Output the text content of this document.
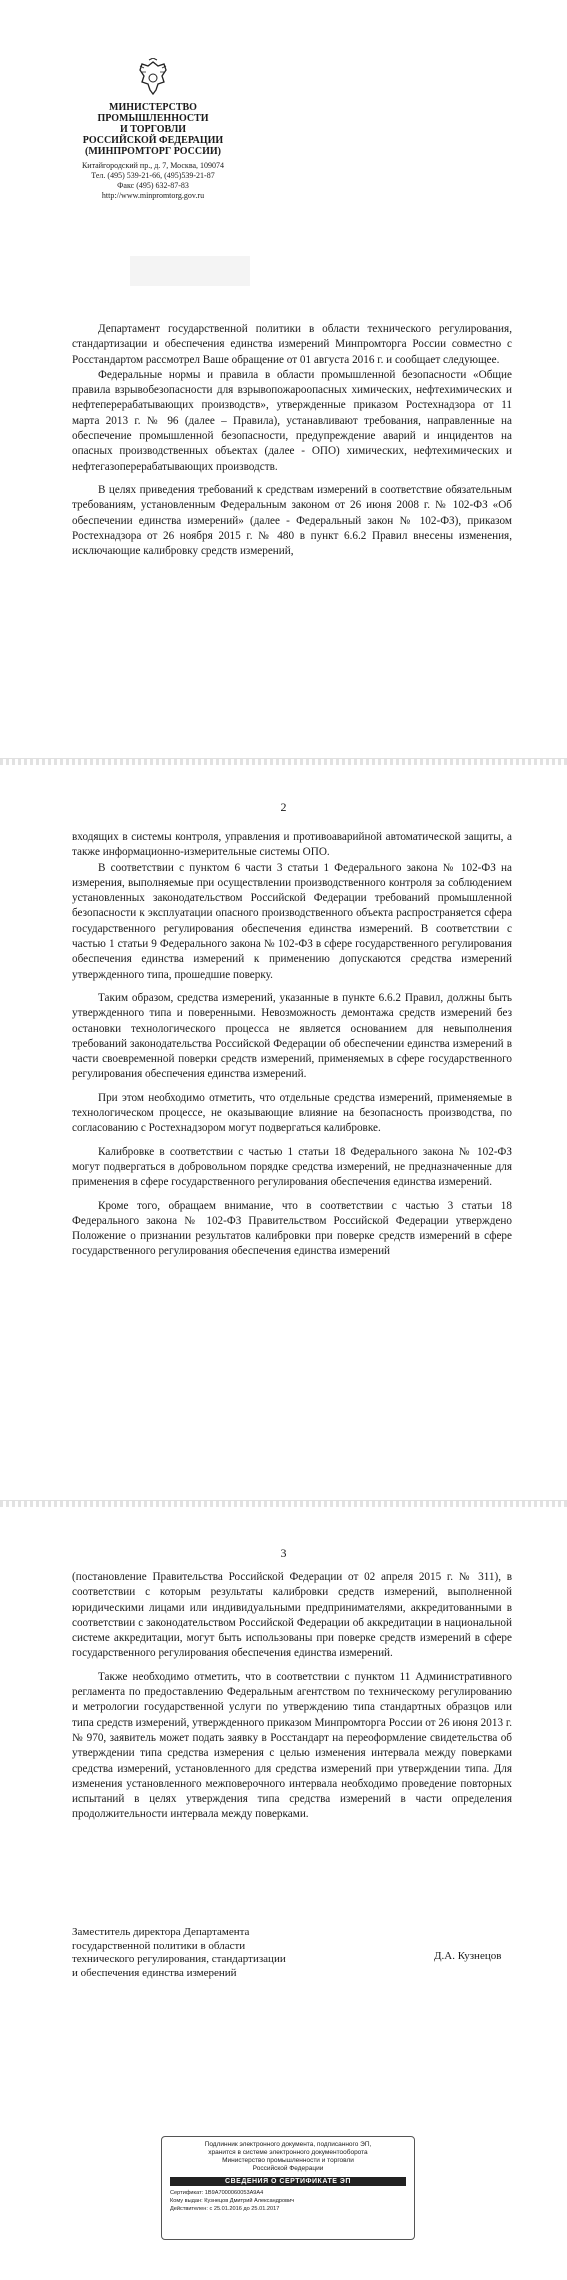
МИНИСТЕРСТВО
ПРОМЫШЛЕННОСТИ
И ТОРГОВЛИ
РОССИЙСКОЙ ФЕДЕРАЦИИ
(МИНПРОМТОРГ РОССИИ)
Китайгородский пр., д. 7, Москва, 109074
Тел. (495) 539-21-66, (495)539-21-87
Факс (495) 632-87-83
http://www.minpromtorg.gov.ru

Департамент государственной политики в области технического регулирования, стандартизации и обеспечения единства измерений Минпромторга России совместно с Росстандартом рассмотрел Ваше обращение от 01 августа 2016 г. и сообщает следующее.

Федеральные нормы и правила в области промышленной безопасности «Общие правила взрывобезопасности для взрывопожароопасных химических, нефтехимических и нефтеперерабатывающих производств», утвержденные приказом Ростехнадзора от 11 марта 2013 г. № 96 (далее – Правила), устанавливают требования, направленные на обеспечение промышленной безопасности, предупреждение аварий и инцидентов на опасных производственных объектах (далее - ОПО) химических, нефтехимических и нефтегазоперерабатывающих производств.

В целях приведения требований к средствам измерений в соответствие обязательным требованиям, установленным Федеральным законом от 26 июня 2008 г. № 102-ФЗ «Об обеспечении единства измерений» (далее - Федеральный закон № 102-ФЗ), приказом Ростехнадзора от 26 ноября 2015 г. № 480 в пункт 6.6.2 Правил внесены изменения, исключающие калибровку средств измерений,

2

входящих в системы контроля, управления и противоаварийной автоматической защиты, а также информационно-измерительные системы ОПО.

В соответствии с пунктом 6 части 3 статьи 1 Федерального закона № 102-ФЗ на измерения, выполняемые при осуществлении производственного контроля за соблюдением установленных законодательством Российской Федерации требований промышленной безопасности к эксплуатации опасного производственного объекта распространяется сфера государственного регулирования обеспечения единства измерений. В соответствии с частью 1 статьи 9 Федерального закона № 102-ФЗ в сфере государственного регулирования обеспечения единства измерений к применению допускаются средства измерений утвержденного типа, прошедшие поверку.

Таким образом, средства измерений, указанные в пункте 6.6.2 Правил, должны быть утвержденного типа и поверенными. Невозможность демонтажа средств измерений без остановки технологического процесса не является основанием для невыполнения требований законодательства Российской Федерации об обеспечении единства измерений в части своевременной поверки средств измерений, применяемых в сфере государственного регулирования обеспечения единства измерений.

При этом необходимо отметить, что отдельные средства измерений, применяемые в технологическом процессе, не оказывающие влияние на безопасность производства, по согласованию с Ростехнадзором могут подвергаться калибровке.

Калибровке в соответствии с частью 1 статьи 18 Федерального закона № 102-ФЗ могут подвергаться в добровольном порядке средства измерений, не предназначенные для применения в сфере государственного регулирования обеспечения единства измерений.

Кроме того, обращаем внимание, что в соответствии с частью 3 статьи 18 Федерального закона № 102-ФЗ Правительством Российской Федерации утверждено Положение о признании результатов калибровки при поверке средств измерений в сфере государственного регулирования обеспечения единства измерений

3

(постановление Правительства Российской Федерации от 02 апреля 2015 г. № 311), в соответствии с которым результаты калибровки средств измерений, выполненной юридическими лицами или индивидуальными предпринимателями, аккредитованными в соответствии с законодательством Российской Федерации об аккредитации в национальной системе аккредитации, могут быть использованы при поверке средств измерений в сфере государственного регулирования обеспечения единства измерений.

Также необходимо отметить, что в соответствии с пунктом 11 Административного регламента по предоставлению Федеральным агентством по техническому регулированию и метрологии государственной услуги по утверждению типа стандартных образцов или типа средств измерений, утвержденного приказом Минпромторга России от 26 июня 2013 г. № 970, заявитель может подать заявку в Росстандарт на переоформление свидетельства об утверждении типа средства измерения с целью изменения интервала между поверками средства измерений, установленного для средства измерений при утверждении типа. Для изменения установленного межповерочного интервала необходимо проведение повторных испытаний в целях утверждения типа средства измерений в части определения продолжительности интервала между поверками.

Заместитель директора Департамента
государственной политики в области
технического регулирования, стандартизации
и обеспечения единства измерений
Д.А. Кузнецов
Подлинник электронного документа, подписанного ЭП,
хранится в системе электронного документооборота
Министерство промышленности и торговли
Российской Федерации
СВЕДЕНИЯ О СЕРТИФИКАТЕ ЭП
Сертификат: 1B9A7000060053A9A4
Кому выдан: Кузнецов Дмитрий Александрович
Действителен: с 25.01.2016 до 25.01.2017
